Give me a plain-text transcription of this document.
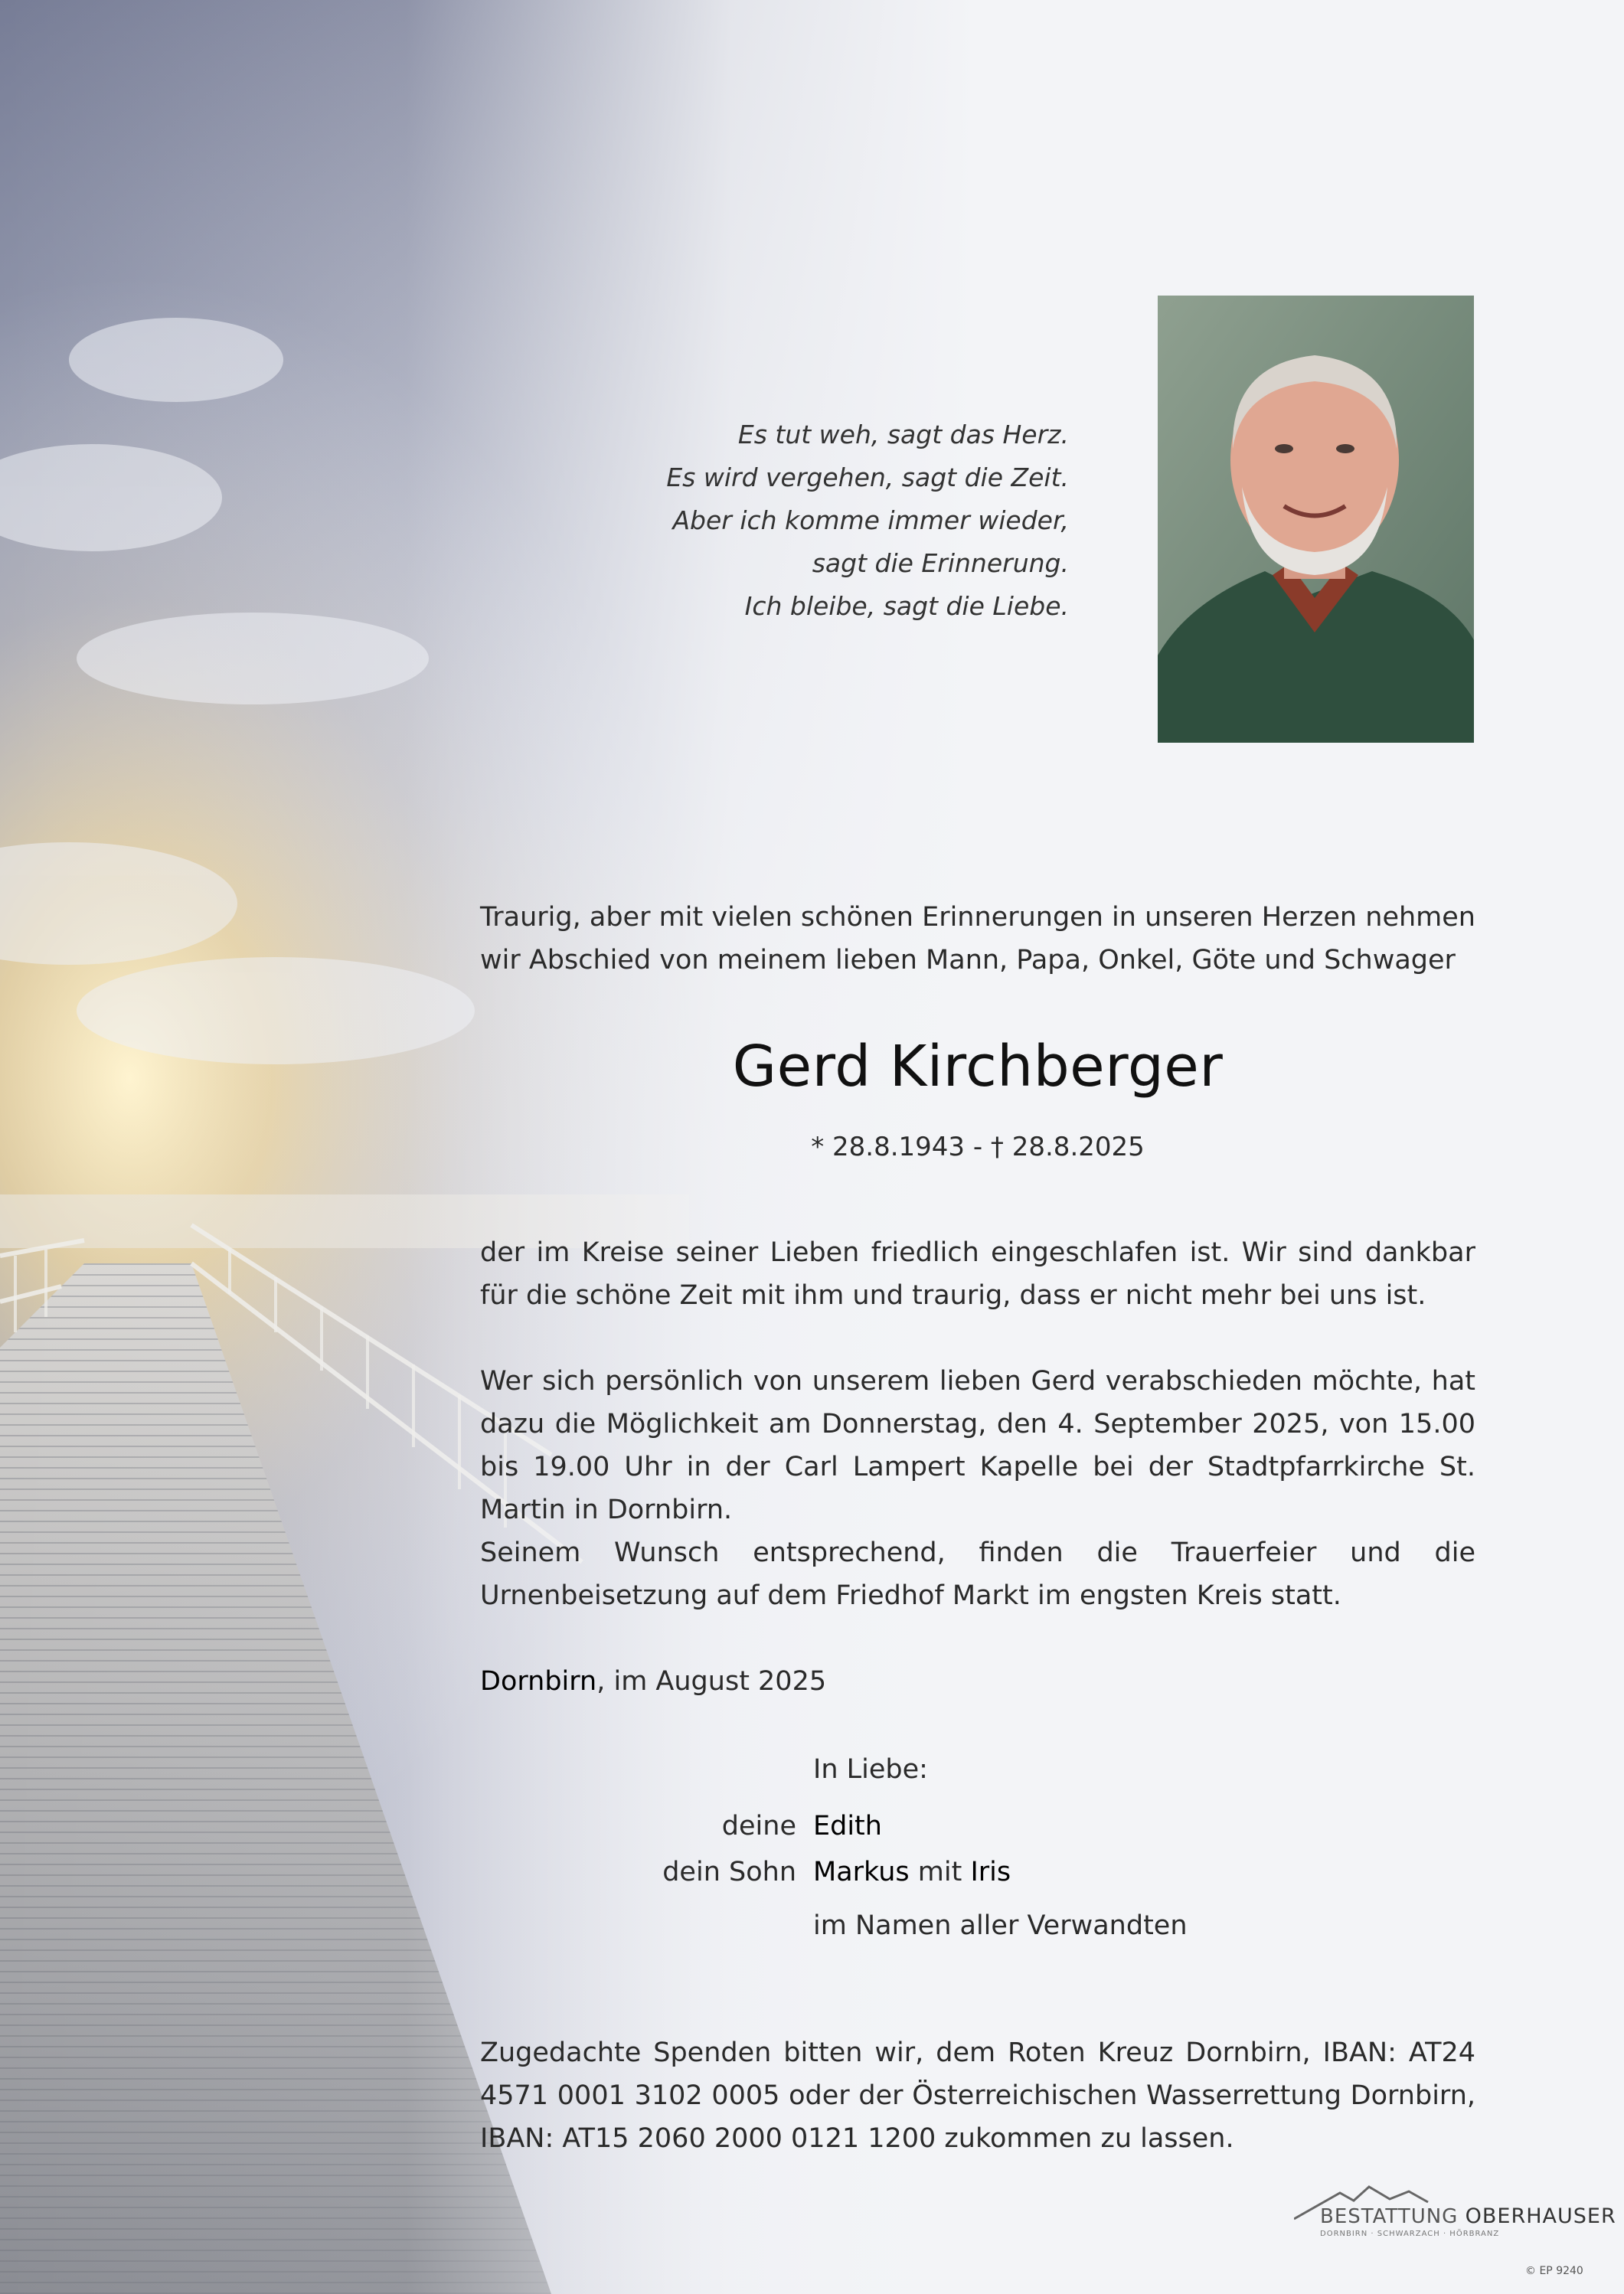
Es tut weh, sagt das Herz.
Es wird vergehen, sagt die Zeit.
Aber ich komme immer wieder,
sagt die Erinnerung.
Ich bleibe, sagt die Liebe.
Traurig, aber mit vielen schönen Erinnerungen in unseren Herzen nehmen wir Abschied von meinem lieben Mann, Papa, Onkel, Göte und Schwager
Gerd Kirchberger
* 28.8.1943 - † 28.8.2025
der im Kreise seiner Lieben friedlich eingeschlafen ist. Wir sind dankbar für die schöne Zeit mit ihm und traurig, dass er nicht mehr bei uns ist.
Wer sich persönlich von unserem lieben Gerd verabschieden möchte, hat dazu die Möglichkeit am Donnerstag, den 4. September 2025, von 15.00 bis 19.00 Uhr in der Carl Lampert Kapelle bei der Stadtpfarrkirche St. Martin in Dornbirn.
Seinem Wunsch entsprechend, finden die Trauerfeier und die Urnenbeisetzung auf dem Friedhof Markt im engsten Kreis statt.
Dornbirn, im August 2025
In Liebe:
deine Edith
dein Sohn Markus mit Iris
im Namen aller Verwandten
Zugedachte Spenden bitten wir, dem Roten Kreuz Dornbirn, IBAN: AT24 4571 0001 3102 0005 oder der Österreichischen Wasserrettung Dornbirn, IBAN: AT15 2060 2000 0121 1200 zukommen zu lassen.
BESTATTUNG OBERHAUSER
DORNBIRN · SCHWARZACH · HÖRBRANZ
© EP 9240
